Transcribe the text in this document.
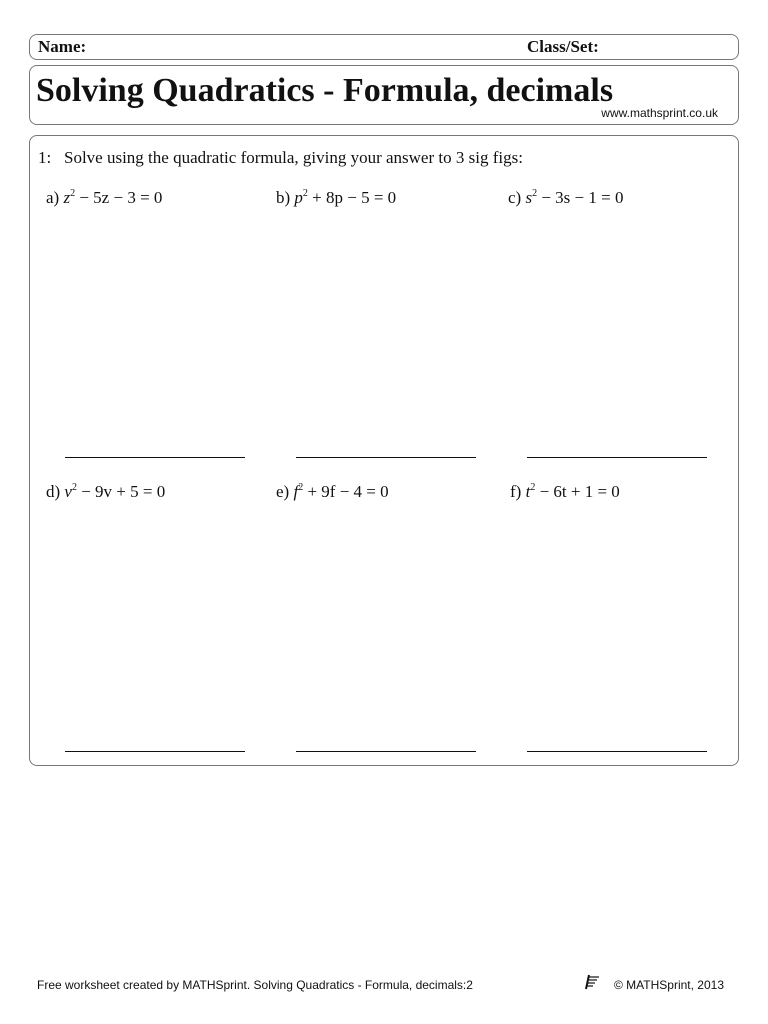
Name:	Class/Set:
Solving Quadratics - Formula, decimals
www.mathsprint.co.uk
1: Solve using the quadratic formula, giving your answer to 3 sig figs:
a) $z^2 - 5z - 3 = 0$	b) $p^2 + 8p - 5 = 0$	c) $s^2 - 3s - 1 = 0$
d) $v^2 - 9v + 5 = 0$	e) $f^2 + 9f - 4 = 0$	f) $t^2 - 6t + 1 = 0$
Free worksheet created by MATHSprint. Solving Quadratics - Formula, decimals:2	© MATHSprint, 2013
